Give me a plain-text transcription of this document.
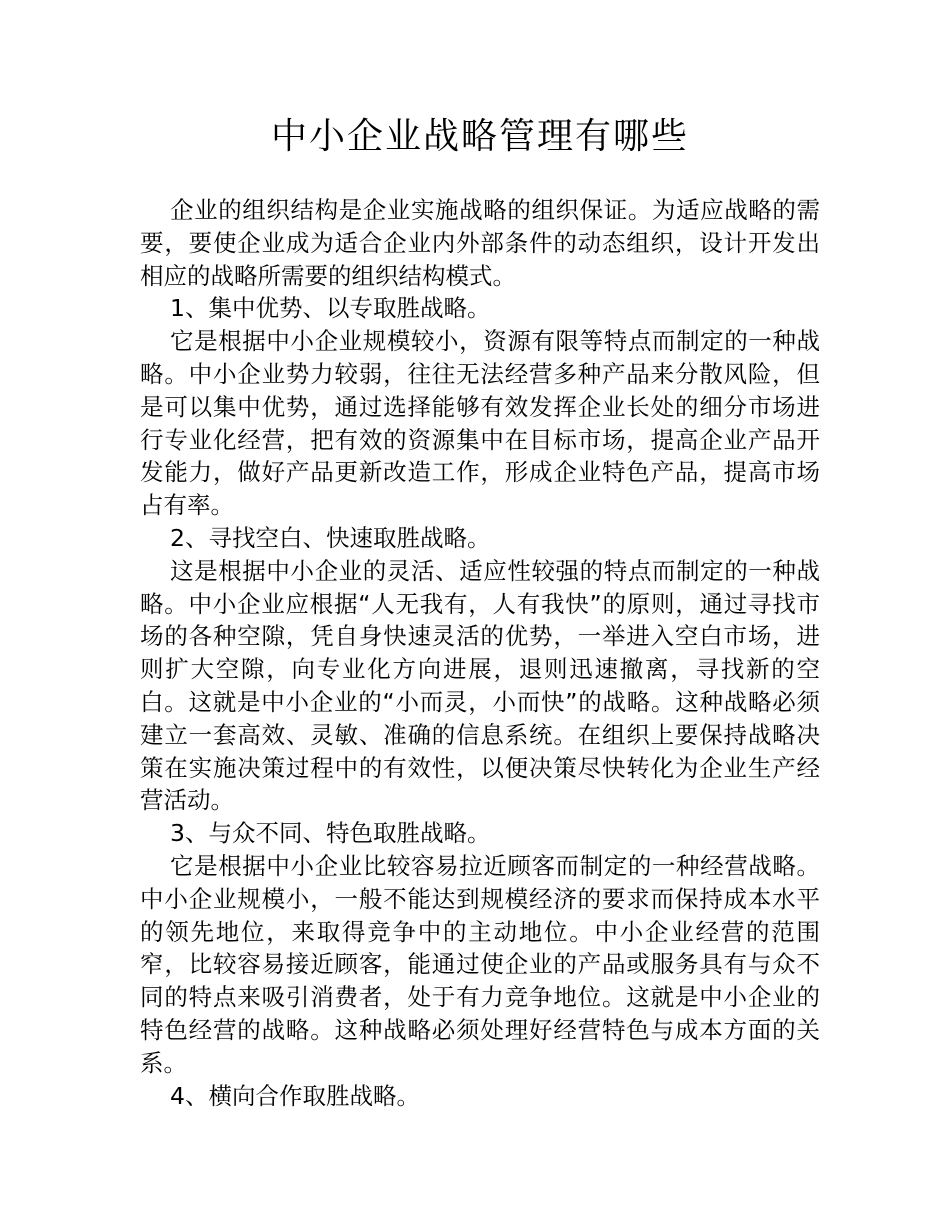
中小企业战略管理有哪些

企业的组织结构是企业实施战略的组织保证。为适应战略的需要，要使企业成为适合企业内外部条件的动态组织，设计开发出相应的战略所需要的组织结构模式。

1、集中优势、以专取胜战略。

它是根据中小企业规模较小，资源有限等特点而制定的一种战略。中小企业势力较弱，往往无法经营多种产品来分散风险，但是可以集中优势，通过选择能够有效发挥企业长处的细分市场进行专业化经营，把有效的资源集中在目标市场，提高企业产品开发能力，做好产品更新改造工作，形成企业特色产品，提高市场占有率。

2、寻找空白、快速取胜战略。

这是根据中小企业的灵活、适应性较强的特点而制定的一种战略。中小企业应根据“人无我有，人有我快”的原则，通过寻找市场的各种空隙，凭自身快速灵活的优势，一举进入空白市场，进则扩大空隙，向专业化方向进展，退则迅速撤离，寻找新的空白。这就是中小企业的“小而灵，小而快”的战略。这种战略必须建立一套高效、灵敏、准确的信息系统。在组织上要保持战略决策在实施决策过程中的有效性，以便决策尽快转化为企业生产经营活动。

3、与众不同、特色取胜战略。

它是根据中小企业比较容易拉近顾客而制定的一种经营战略。中小企业规模小，一般不能达到规模经济的要求而保持成本水平的领先地位，来取得竞争中的主动地位。中小企业经营的范围窄，比较容易接近顾客，能通过使企业的产品或服务具有与众不同的特点来吸引消费者，处于有力竞争地位。这就是中小企业的特色经营的战略。这种战略必须处理好经营特色与成本方面的关系。

4、横向合作取胜战略。
